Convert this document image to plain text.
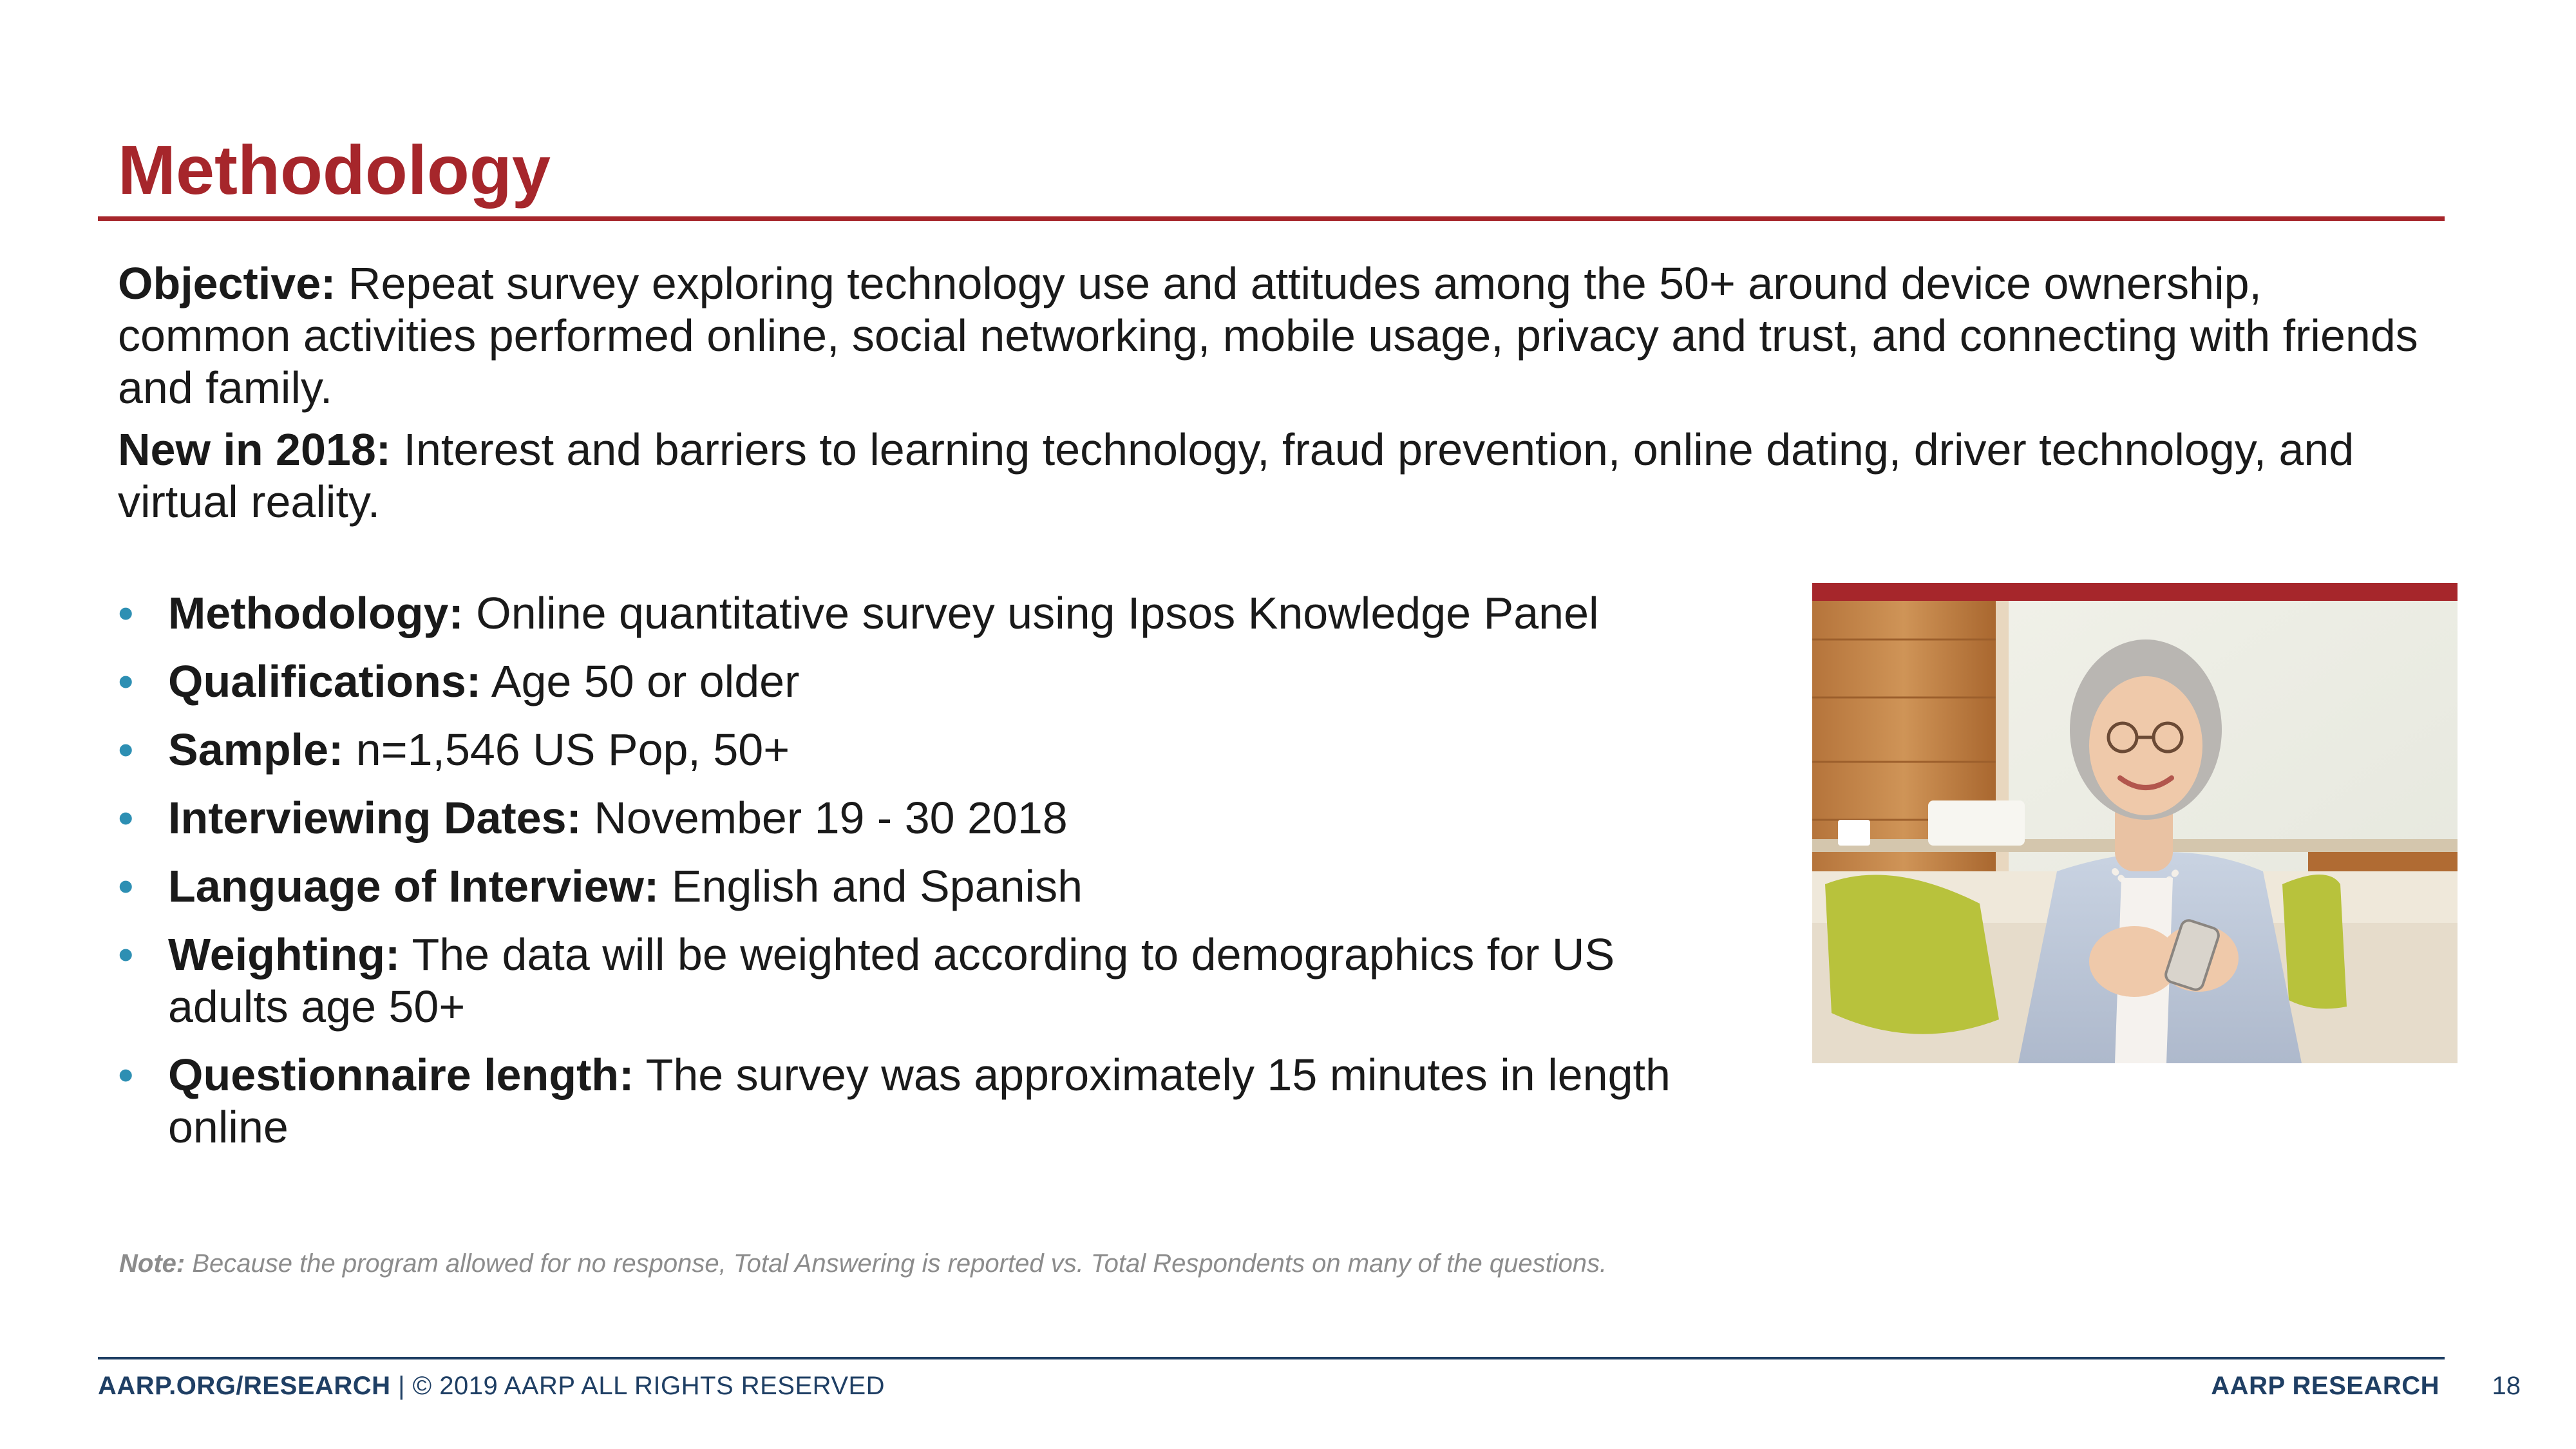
Methodology

Objective: Repeat survey exploring technology use and attitudes among the 50+ around device ownership, common activities performed online, social networking, mobile usage, privacy and trust, and connecting with friends and family.

New in 2018: Interest and barriers to learning technology, fraud prevention, online dating, driver technology, and virtual reality.

• Methodology: Online quantitative survey using Ipsos Knowledge Panel
• Qualifications: Age 50 or older
• Sample: n=1,546 US Pop, 50+
• Interviewing Dates: November 19 - 30 2018
• Language of Interview: English and Spanish
• Weighting: The data will be weighted according to demographics for US adults age 50+
• Questionnaire length: The survey was approximately 15 minutes in length online

Note: Because the program allowed for no response, Total Answering is reported vs. Total Respondents on many of the questions.

AARP.ORG/RESEARCH | © 2019 AARP ALL RIGHTS RESERVED	AARP RESEARCH 18
